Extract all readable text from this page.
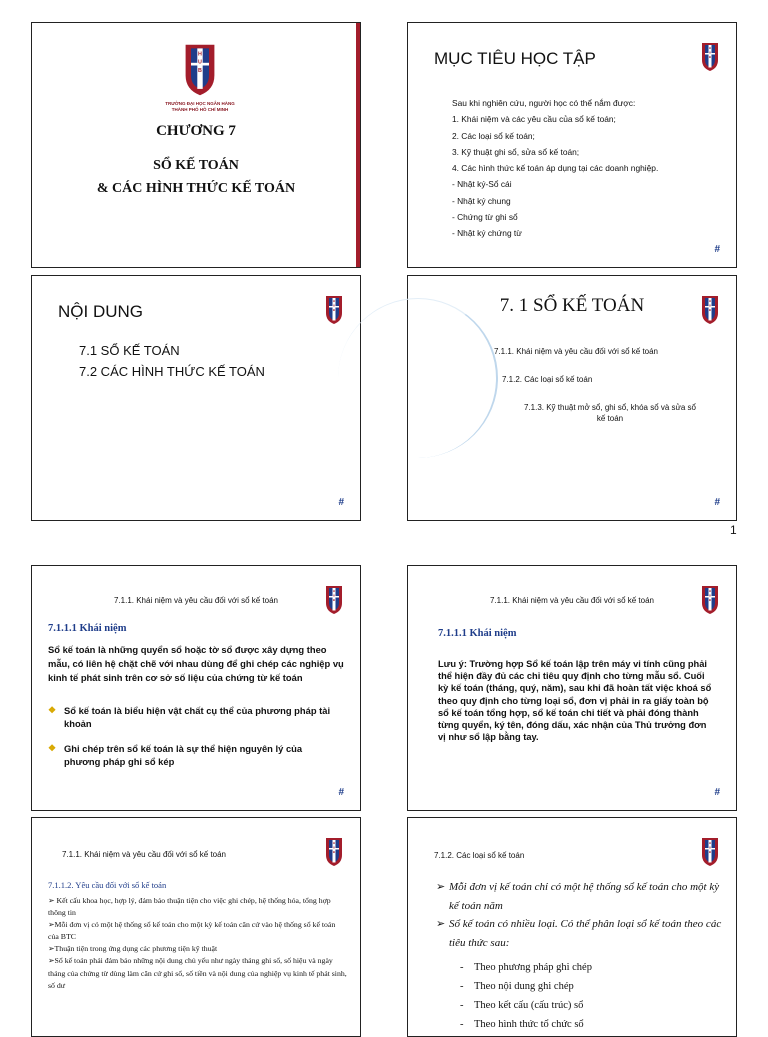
TRƯỜNG ĐẠI HỌC NGÂN HÀNG
THÀNH PHỐ HỒ CHÍ MINH
CHƯƠNG 7
SỔ KẾ TOÁN
& CÁC HÌNH THỨC KẾ TOÁN
MỤC TIÊU HỌC TẬP
Sau khi nghiên cứu, người học có thể nắm được:
1. Khái niệm và các yêu cầu của sổ kế toán;
2. Các loại sổ kế toán;
3. Kỹ thuật ghi sổ, sửa sổ kế toán;
4. Các hình thức kế toán áp dụng tại các doanh nghiệp.
- Nhật ký-Sổ cái
- Nhật ký chung
- Chứng từ ghi sổ
- Nhật ký chứng từ
#
NỘI DUNG
7.1 SỔ KẾ TOÁN
7.2 CÁC HÌNH THỨC KẾ TOÁN
#
7. 1 SỔ KẾ TOÁN
7.1.1. Khái niệm và yêu cầu đối với sổ kế toán
7.1.2. Các loại sổ kế toán
7.1.3. Kỹ thuật mở sổ, ghi sổ, khóa sổ và sửa sổ kế toán
#
1
7.1.1. Khái niệm và yêu cầu đối với sổ kế toán
7.1.1.1 Khái niệm
Sổ kế toán là những quyển sổ hoặc tờ sổ được xây dựng theo mẫu, có liên hệ chặt chẽ với nhau dùng để ghi chép các nghiệp vụ kinh tế phát sinh trên cơ sở số liệu của chứng từ kế toán
❖ Sổ kế toán là biểu hiện vật chất cụ thể của phương pháp tài khoản
❖ Ghi chép trên sổ kế toán là sự thể hiện nguyên lý của phương pháp ghi sổ kép
#
7.1.1. Khái niệm và yêu cầu đối với sổ kế toán
7.1.1.1 Khái niệm
Lưu ý: Trường hợp Sổ kế toán lập trên máy vi tính cũng phải thể hiện đầy đủ các chỉ tiêu quy định cho từng mẫu sổ. Cuối kỳ kế toán (tháng, quý, năm), sau khi đã hoàn tất việc khoá sổ theo quy định cho từng loại sổ, đơn vị phải in ra giấy toàn bộ sổ kế toán tổng hợp, sổ kế toán chi tiết và phải đóng thành từng quyển, ký tên, đóng dấu, xác nhận của Thủ trưởng đơn vị như sổ lập bằng tay.
#
7.1.1. Khái niệm và yêu cầu đối với sổ kế toán
7.1.1.2. Yêu cầu đối với sổ kế toán
➢ Kết cấu khoa học, hợp lý, đảm bảo thuận tiện cho việc ghi chép, hệ thống hóa, tổng hợp thông tin
➢Mỗi đơn vị có một hệ thống sổ kế toán cho một kỳ kế toán căn cứ vào hệ thống sổ kế toán của BTC
➢Thuận tiện trong ứng dụng các phương tiện kỹ thuật
➢Sổ kế toán phải đảm bảo những nội dung chủ yếu như ngày tháng ghi sổ, số hiệu và ngày tháng của chứng từ dùng làm căn cứ ghi sổ, số tiền và nội dung của nghiệp vụ kinh tế phát sinh, số dư
7.1.2. Các loại sổ kế toán
➢ Mỗi đơn vị kế toán chỉ có một hệ thống sổ kế toán cho một kỳ kế toán năm
➢ Sổ kế toán có nhiều loại. Có thể phân loại sổ kế toán theo các tiêu thức sau:
- Theo phương pháp ghi chép
- Theo nội dung ghi chép
- Theo kết cấu (cấu trúc) sổ
- Theo hình thức tổ chức sổ
